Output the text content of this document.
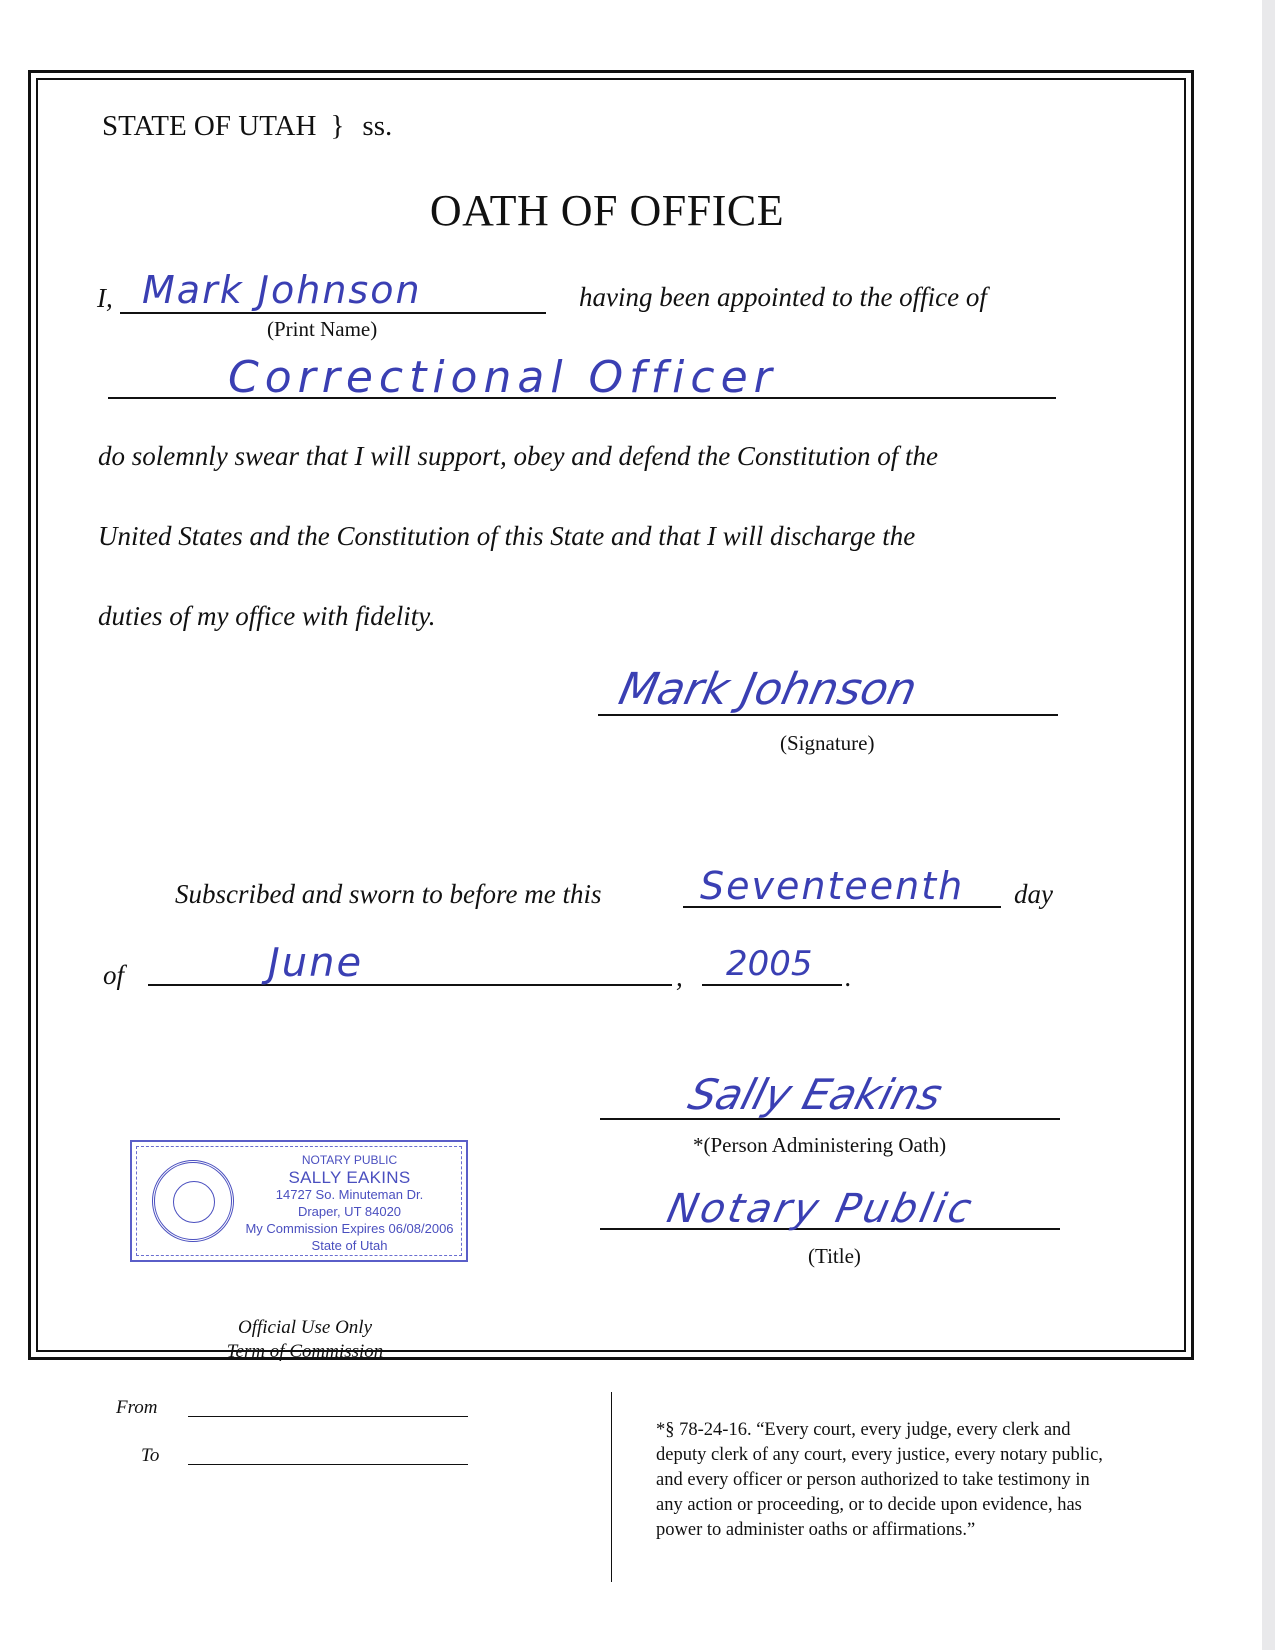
STATE OF UTAH } ss.
OATH OF OFFICE
I, Mark Johnson
(Print Name)
having been appointed to the office of
Correctional Officer
do solemnly swear that I will support, obey and defend the Constitution of the
United States and the Constitution of this State and that I will discharge the
duties of my office with fidelity.
Mark Johnson
(Signature)
Subscribed and sworn to before me this	Seventeenth day
of	June	, 2005 .
NOTARY PUBLIC
SALLY EAKINS
14727 So. Minuteman Dr.
Draper, UT 84020
My Commission Expires 06/08/2006
State of Utah
Sally Eakins
*(Person Administering Oath)
Notary Public
(Title)
Official Use Only
Term of Commission
From
To
*§ 78-24-16. “Every court, every judge, every clerk and
deputy clerk of any court, every justice, every notary public,
and every officer or person authorized to take testimony in
any action or proceeding, or to decide upon evidence, has
power to administer oaths or affirmations.”
